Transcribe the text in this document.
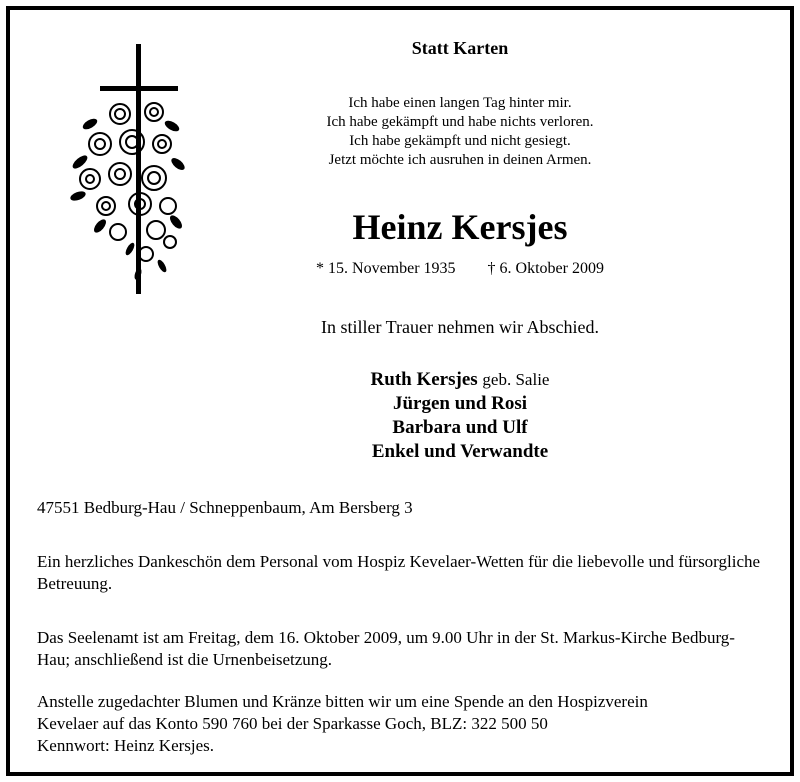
Statt Karten
Ich habe einen langen Tag hinter mir.
Ich habe gekämpft und habe nichts verloren.
Ich habe gekämpft und nicht gesiegt.
Jetzt möchte ich ausruhen in deinen Armen.
Heinz Kersjes
* 15. November 1935 † 6. Oktober 2009
In stiller Trauer nehmen wir Abschied.
Ruth Kersjes geb. Salie
Jürgen und Rosi
Barbara und Ulf
Enkel und Verwandte
47551 Bedburg-Hau / Schneppenbaum, Am Bersberg 3
Ein herzliches Dankeschön dem Personal vom Hospiz Kevelaer-Wetten für die liebevolle und fürsorgliche Betreuung.
Das Seelenamt ist am Freitag, dem 16. Oktober 2009, um 9.00 Uhr in der St. Markus-Kirche Bedburg-Hau; anschließend ist die Urnenbeisetzung.
Anstelle zugedachter Blumen und Kränze bitten wir um eine Spende an den Hospizverein
Kevelaer auf das Konto 590 760 bei der Sparkasse Goch, BLZ: 322 500 50
Kennwort: Heinz Kersjes.
